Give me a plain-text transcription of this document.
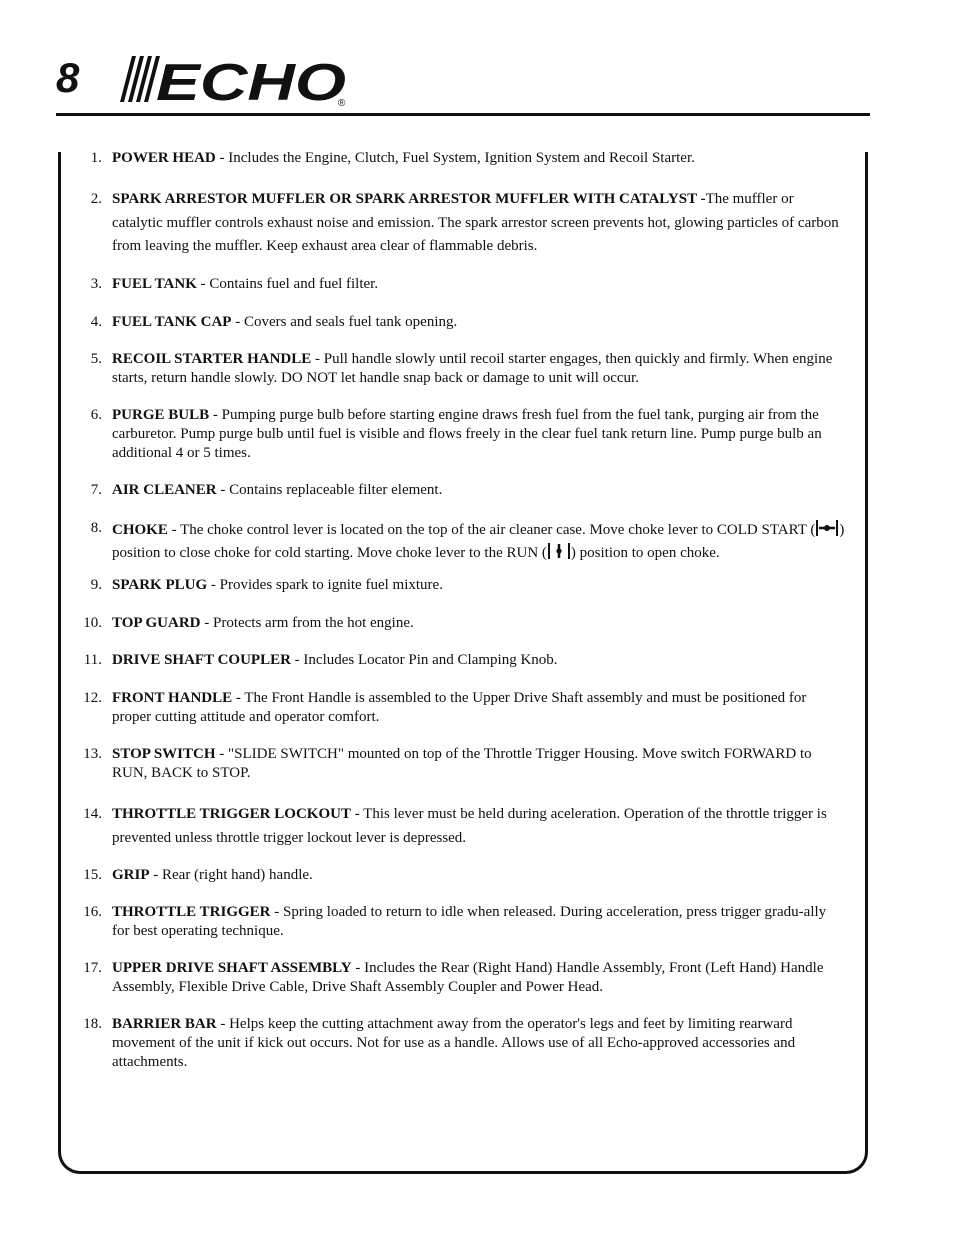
8 ECHO
®
1. POWER HEAD - Includes the Engine, Clutch, Fuel System, Ignition System and Recoil Starter.
2. SPARK ARRESTOR MUFFLER OR SPARK ARRESTOR MUFFLER WITH CATALYST -The muffler or catalytic muffler controls exhaust noise and emission. The spark arrestor screen prevents hot, glowing particles of carbon from leaving the muffler. Keep exhaust area clear of flammable debris.
3. FUEL TANK - Contains fuel and fuel filter.
4. FUEL TANK CAP - Covers and seals fuel tank opening.
5. RECOIL STARTER HANDLE - Pull handle slowly until recoil starter engages, then quickly and firmly. When engine starts, return handle slowly. DO NOT let handle snap back or damage to unit will occur.
6. PURGE BULB - Pumping purge bulb before starting engine draws fresh fuel from the fuel tank, purging air from the carburetor. Pump purge bulb until fuel is visible and flows freely in the clear fuel tank return line. Pump purge bulb an additional 4 or 5 times.
7. AIR CLEANER - Contains replaceable filter element.
8. CHOKE - The choke control lever is located on the top of the air cleaner case. Move choke lever to COLD START ( ) position to close choke for cold starting. Move choke lever to the RUN ( ) position to open choke.
9. SPARK PLUG - Provides spark to ignite fuel mixture.
10. TOP GUARD - Protects arm from the hot engine.
11. DRIVE SHAFT COUPLER - Includes Locator Pin and Clamping Knob.
12. FRONT HANDLE - The Front Handle is assembled to the Upper Drive Shaft assembly and must be positioned for proper cutting attitude and operator comfort.
13. STOP SWITCH - "SLIDE SWITCH" mounted on top of the Throttle Trigger Housing. Move switch FORWARD to RUN, BACK to STOP.
14. THROTTLE TRIGGER LOCKOUT - This lever must be held during aceleration. Operation of the throttle trigger is prevented unless throttle trigger lockout lever is depressed.
15. GRIP - Rear (right hand) handle.
16. THROTTLE TRIGGER - Spring loaded to return to idle when released. During acceleration, press trigger gradu-ally for best operating technique.
17. UPPER DRIVE SHAFT ASSEMBLY - Includes the Rear (Right Hand) Handle Assembly, Front (Left Hand) Handle Assembly, Flexible Drive Cable, Drive Shaft Assembly Coupler and Power Head.
18. BARRIER BAR - Helps keep the cutting attachment away from the operator's legs and feet by limiting rearward movement of the unit if kick out occurs. Not for use as a handle. Allows use of all Echo-approved accessories and attachments.
